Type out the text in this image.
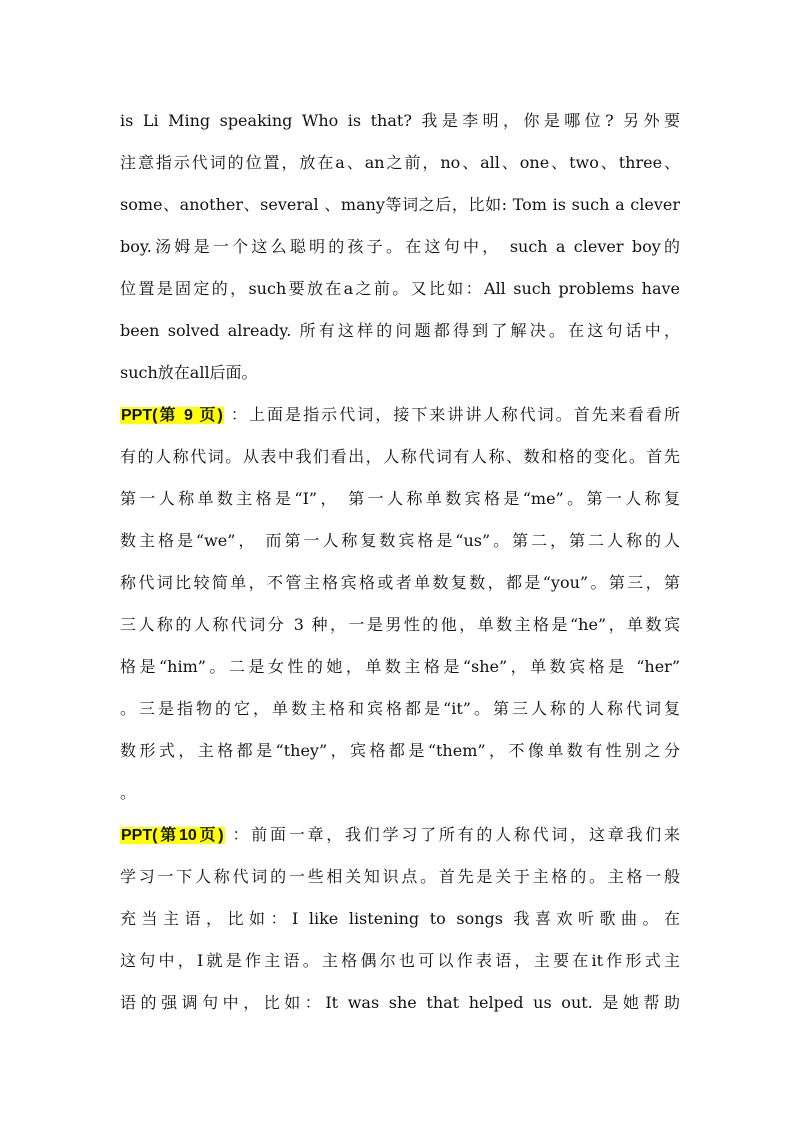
is Li Ming speaking Who is that? 我是李明，你是哪位? 另外要
注意指示代词的位置，放在a、an之前，no、all、one、two、three、
some、another、several 、many等词之后，比如: Tom is such a clever
boy.汤姆是一个这么聪明的孩子。在这句中， such a clever boy的
位置是固定的，such要放在a之前。又比如：All such problems have
been solved already. 所有这样的问题都得到了解决。在这句话中，
such放在all后面。
PPT(第 9 页) ：上面是指示代词，接下来讲讲人称代词。首先来看看所
有的人称代词。从表中我们看出，人称代词有人称、数和格的变化。首先
第一人称单数主格是“I”， 第一人称单数宾格是“me”。第一人称复
数主格是“we”， 而第一人称复数宾格是“us”。第二，第二人称的人
称代词比较简单，不管主格宾格或者单数复数，都是“you”。第三，第
三人称的人称代词分 3 种，一是男性的他，单数主格是“he”，单数宾
格是“him”。二是女性的她，单数主格是“she”，单数宾格是 “her”
。三是指物的它，单数主格和宾格都是“it”。第三人称的人称代词复
数形式，主格都是“they”，宾格都是“them”，不像单数有性别之分
。
PPT(第10页) ：前面一章，我们学习了所有的人称代词，这章我们来
学习一下人称代词的一些相关知识点。首先是关于主格的。主格一般
充当主语，比如：I like listening to songs 我喜欢听歌曲。在
这句中，I就是作主语。主格偶尔也可以作表语，主要在it作形式主
语的强调句中，比如：It was she that helped us out. 是她帮助
